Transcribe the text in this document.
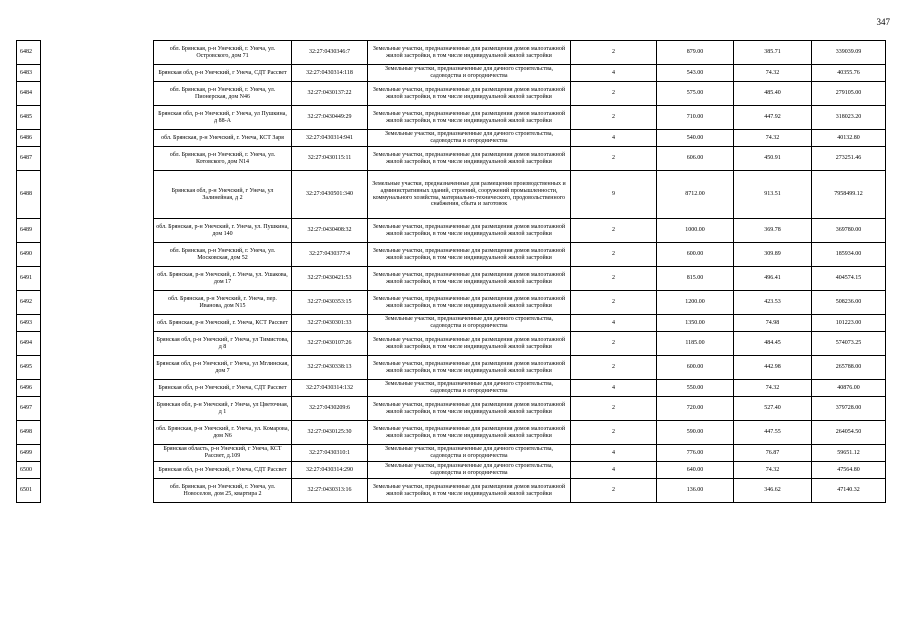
347
6482		обл. Брянская, р-н Унечский, г. Унеча, ул. Островского, дом 71	32:27:0430346:7	Земельные участки, предназначенные для размещения домов малоэтажной жилой застройки, в том числе индивидуальной жилой застройки	2	879.00	385.71	339039.09
6483		Брянская обл, р-н Унечский, г Унеча, СДТ Рассвет	32:27:0430314:118	Земельные участки, предназначенные для дачного строительства, садоводства и огородничества	4	543.00	74.32	40355.76
6484		обл. Брянская, р-н Унечский, г. Унеча, ул. Пионерская, дом N46	32:27:0430137:22	Земельные участки, предназначенные для размещения домов малоэтажной жилой застройки, в том числе индивидуальной жилой застройки	2	575.00	485.40	279105.00
6485		Брянская обл, р-н Унечский, г Унеча, ул Пушкина, д 88-А	32:27:0430449:29	Земельные участки, предназначенные для размещения домов малоэтажной жилой застройки, в том числе индивидуальной жилой застройки	2	710.00	447.92	318023.20
6486		обл. Брянская, р-н Унечский, г. Унеча, КСТ Заря	32:27:0430314:941	Земельные участки, предназначенные для дачного строительства, садоводства и огородничества	4	540.00	74.32	40132.80
6487		обл. Брянская, р-н Унечский, г. Унеча, ул. Котовского, дом N14	32:27:0430115:11	Земельные участки, предназначенные для размещения домов малоэтажной жилой застройки, в том числе индивидуальной жилой застройки	2	606.00	450.91	273251.46
6488		Брянская обл, р-н Унечский, г Унеча, ул Залинейная, д 2	32:27:0430501:340	Земельные участки, предназначенные для размещения производственных и административных зданий, строений, сооружений промышленности, коммунального хозяйства, материально-технического, продовольственного снабжения, сбыта и заготовок	9	8712.00	913.51	7958499.12
6489		обл. Брянская, р-н Унечский, г. Унеча, ул. Пушкина, дом 140	32:27:0430408:32	Земельные участки, предназначенные для размещения домов малоэтажной жилой застройки, в том числе индивидуальной жилой застройки	2	1000.00	369.78	369780.00
6490		обл. Брянская, р-н Унечский, г. Унеча, ул. Московская, дом 52	32:27:0430377:4	Земельные участки, предназначенные для размещения домов малоэтажной жилой застройки, в том числе индивидуальной жилой застройки	2	600.00	309.89	185934.00
6491		обл. Брянская, р-н Унечский, г. Унеча, ул. Ушакова, дом 17	32:27:0430421:53	Земельные участки, предназначенные для размещения домов малоэтажной жилой застройки, в том числе индивидуальной жилой застройки	2	815.00	496.41	404574.15
6492		обл. Брянская, р-н Унечский, г. Унеча, пер. Иванова, дом N15	32:27:0430353:15	Земельные участки, предназначенные для размещения домов малоэтажной жилой застройки, в том числе индивидуальной жилой застройки	2	1200.00	423.53	508236.00
6493		обл. Брянская, р-н Унечский, г. Унеча, КСТ Рассвет	32:27:0430301:33	Земельные участки, предназначенные для дачного строительства, садоводства и огородничества	4	1350.00	74.98	101223.00
6494		Брянская обл, р-н Унечский, г Унеча, ул Тимистова, д 8	32:27:0430107:26	Земельные участки, предназначенные для размещения домов малоэтажной жилой застройки, в том числе индивидуальной жилой застройки	2	1185.00	484.45	574073.25
6495		Брянская обл, р-н Унечский, г Унеча, ул Мглинская, дом 7	32:27:0430338:13	Земельные участки, предназначенные для размещения домов малоэтажной жилой застройки, в том числе индивидуальной жилой застройки	2	600.00	442.98	265788.00
6496		Брянская обл, р-н Унечский, г Унеча, СДТ Рассвет	32:27:0430314:132	Земельные участки, предназначенные для дачного строительства, садоводства и огородничества	4	550.00	74.32	40876.00
6497		Брянская обл, р-н Унечский, г Унеча, ул Цветочная, д 1	32:27:0430209:6	Земельные участки, предназначенные для размещения домов малоэтажной жилой застройки, в том числе индивидуальной жилой застройки	2	720.00	527.40	379728.00
6498		обл. Брянская, р-н Унечский, г. Унеча, ул. Комарова, дом N6	32:27:0430125:30	Земельные участки, предназначенные для размещения домов малоэтажной жилой застройки, в том числе индивидуальной жилой застройки	2	590.00	447.55	264054.50
6499		Брянская область, р-н Унечский, г Унеча, КСТ Рассвет, д.109	32:27:0430310:1	Земельные участки, предназначенные для дачного строительства, садоводства и огородничества	4	776.00	76.87	59651.12
6500		Брянская обл, р-н Унечский, г Унеча, СДТ Рассвет	32:27:0430314:290	Земельные участки, предназначенные для дачного строительства, садоводства и огородничества	4	640.00	74.32	47564.80
6501		обл. Брянская, р-н Унечский, г. Унеча, ул. Новоселов, дом 25, квартира 2	32:27:0430313:16	Земельные участки, предназначенные для размещения домов малоэтажной жилой застройки, в том числе индивидуальной жилой застройки	2	136.00	346.62	47140.32
